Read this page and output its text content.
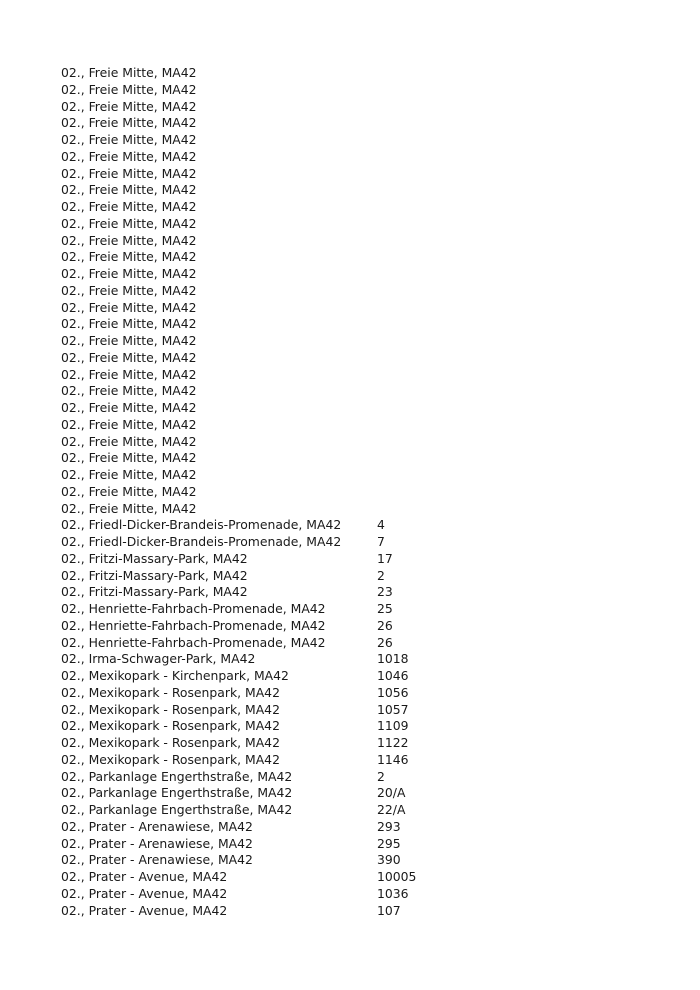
02., Freie Mitte, MA42
02., Freie Mitte, MA42
02., Freie Mitte, MA42
02., Freie Mitte, MA42
02., Freie Mitte, MA42
02., Freie Mitte, MA42
02., Freie Mitte, MA42
02., Freie Mitte, MA42
02., Freie Mitte, MA42
02., Freie Mitte, MA42
02., Freie Mitte, MA42
02., Freie Mitte, MA42
02., Freie Mitte, MA42
02., Freie Mitte, MA42
02., Freie Mitte, MA42
02., Freie Mitte, MA42
02., Freie Mitte, MA42
02., Freie Mitte, MA42
02., Freie Mitte, MA42
02., Freie Mitte, MA42
02., Freie Mitte, MA42
02., Freie Mitte, MA42
02., Freie Mitte, MA42
02., Freie Mitte, MA42
02., Freie Mitte, MA42
02., Freie Mitte, MA42
02., Freie Mitte, MA42
02., Friedl-Dicker-Brandeis-Promenade, MA42	4
02., Friedl-Dicker-Brandeis-Promenade, MA42	7
02., Fritzi-Massary-Park, MA42	17
02., Fritzi-Massary-Park, MA42	2
02., Fritzi-Massary-Park, MA42	23
02., Henriette-Fahrbach-Promenade, MA42	25
02., Henriette-Fahrbach-Promenade, MA42	26
02., Henriette-Fahrbach-Promenade, MA42	26
02., Irma-Schwager-Park, MA42	1018
02., Mexikopark - Kirchenpark, MA42	1046
02., Mexikopark - Rosenpark, MA42	1056
02., Mexikopark - Rosenpark, MA42	1057
02., Mexikopark - Rosenpark, MA42	1109
02., Mexikopark - Rosenpark, MA42	1122
02., Mexikopark - Rosenpark, MA42	1146
02., Parkanlage Engerthstraße, MA42	2
02., Parkanlage Engerthstraße, MA42	20/A
02., Parkanlage Engerthstraße, MA42	22/A
02., Prater - Arenawiese, MA42	293
02., Prater - Arenawiese, MA42	295
02., Prater - Arenawiese, MA42	390
02., Prater - Avenue, MA42	10005
02., Prater - Avenue, MA42	1036
02., Prater - Avenue, MA42	107
